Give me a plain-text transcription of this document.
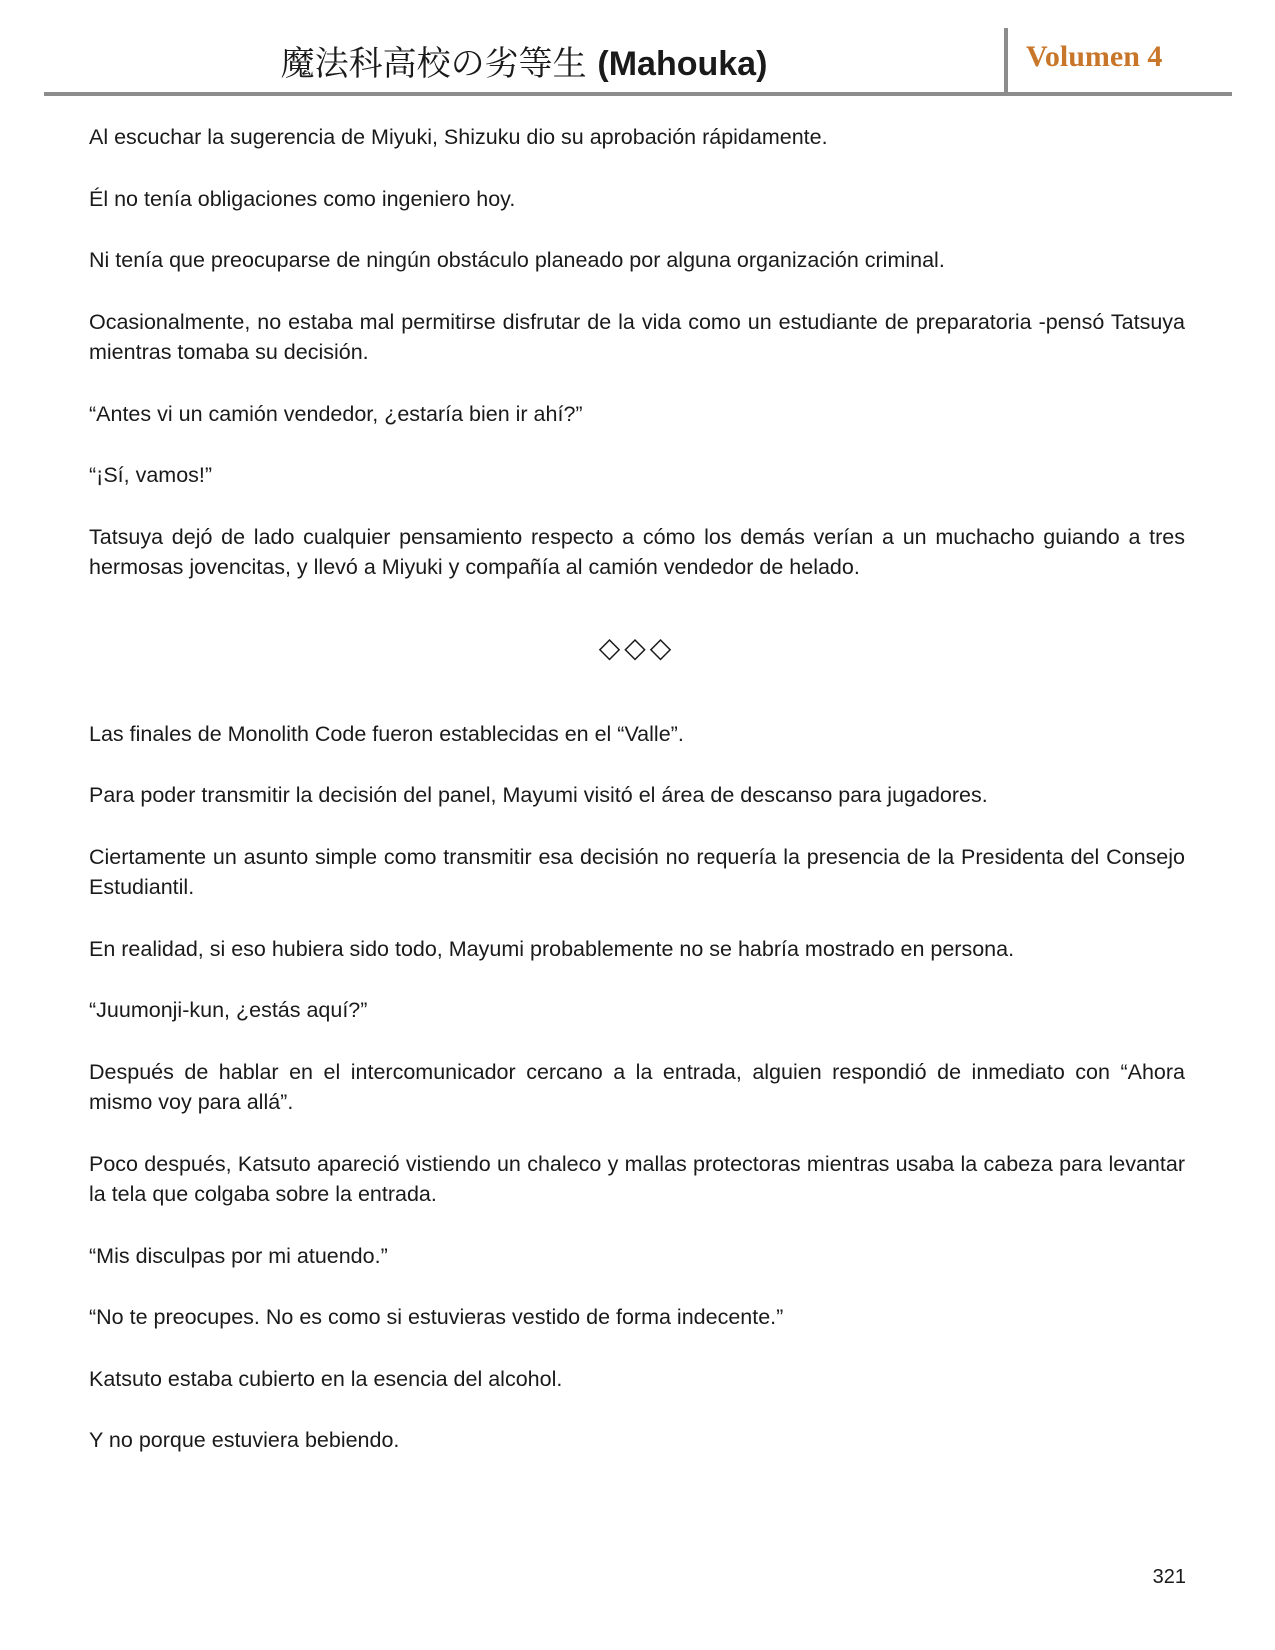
魔法科高校の劣等生 (Mahouka)	Volumen 4

Al escuchar la sugerencia de Miyuki, Shizuku dio su aprobación rápidamente.

Él no tenía obligaciones como ingeniero hoy.

Ni tenía que preocuparse de ningún obstáculo planeado por alguna organización criminal.

Ocasionalmente, no estaba mal permitirse disfrutar de la vida como un estudiante de preparatoria -pensó Tatsuya mientras tomaba su decisión.

“Antes vi un camión vendedor, ¿estaría bien ir ahí?”

“¡Sí, vamos!”

Tatsuya dejó de lado cualquier pensamiento respecto a cómo los demás verían a un muchacho guiando a tres hermosas jovencitas, y llevó a Miyuki y compañía al camión vendedor de helado.

◇◇◇

Las finales de Monolith Code fueron establecidas en el “Valle”.

Para poder transmitir la decisión del panel, Mayumi visitó el área de descanso para jugadores.

Ciertamente un asunto simple como transmitir esa decisión no requería la presencia de la Presidenta del Consejo Estudiantil.

En realidad, si eso hubiera sido todo, Mayumi probablemente no se habría mostrado en persona.

“Juumonji-kun, ¿estás aquí?”

Después de hablar en el intercomunicador cercano a la entrada, alguien respondió de inmediato con “Ahora mismo voy para allá”.

Poco después, Katsuto apareció vistiendo un chaleco y mallas protectoras mientras usaba la cabeza para levantar la tela que colgaba sobre la entrada.

“Mis disculpas por mi atuendo.”

“No te preocupes. No es como si estuvieras vestido de forma indecente.”

Katsuto estaba cubierto en la esencia del alcohol.

Y no porque estuviera bebiendo.

321
